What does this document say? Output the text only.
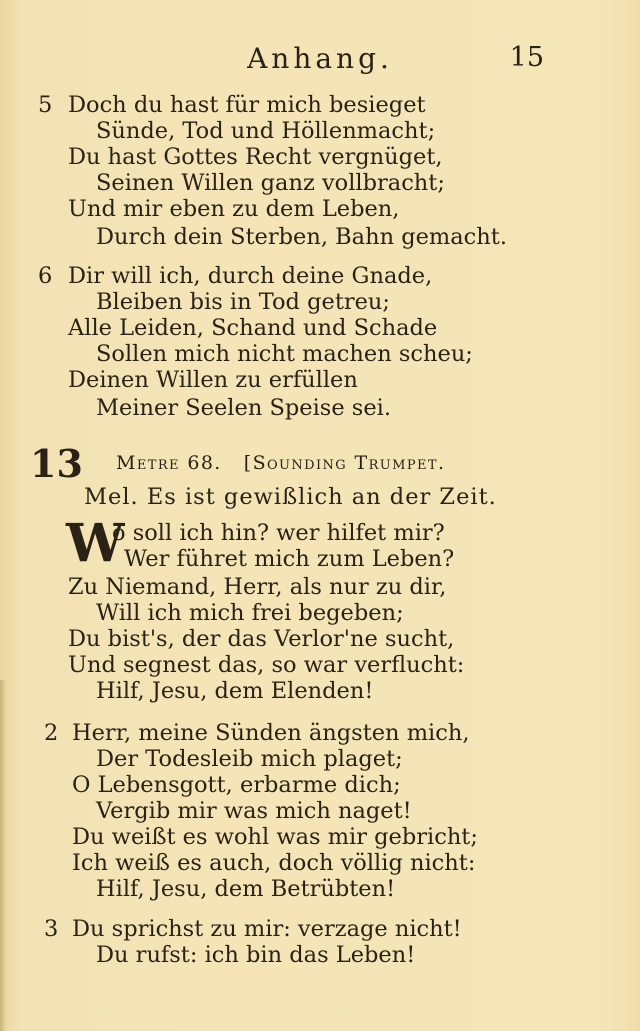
Anhang.	15
5 Doch du hast für mich besieget
Sünde, Tod und Höllenmacht;
Du hast Gottes Recht vergnüget,
Seinen Willen ganz vollbracht;
Und mir eben zu dem Leben,
Durch dein Sterben, Bahn gemacht.
6 Dir will ich, durch deine Gnade,
Bleiben bis in Tod getreu;
Alle Leiden, Schand und Schade
Sollen mich nicht machen scheu;
Deinen Willen zu erfüllen
Meiner Seelen Speise sei.
13 Metre 68. [Sounding Trumpet.
Mel. Es ist gewißlich an der Zeit.
W
o soll ich hin? wer hilfet mir?
Wer führet mich zum Leben?
Zu Niemand, Herr, als nur zu dir,
Will ich mich frei begeben;
Du bist's, der das Verlor'ne sucht,
Und segnest das, so war verflucht:
Hilf, Jesu, dem Elenden!
2 Herr, meine Sünden ängsten mich,
Der Todesleib mich plaget;
O Lebensgott, erbarme dich;
Vergib mir was mich naget!
Du weißt es wohl was mir gebricht;
Ich weiß es auch, doch völlig nicht:
Hilf, Jesu, dem Betrübten!
3 Du sprichst zu mir: verzage nicht!
Du rufst: ich bin das Leben!
